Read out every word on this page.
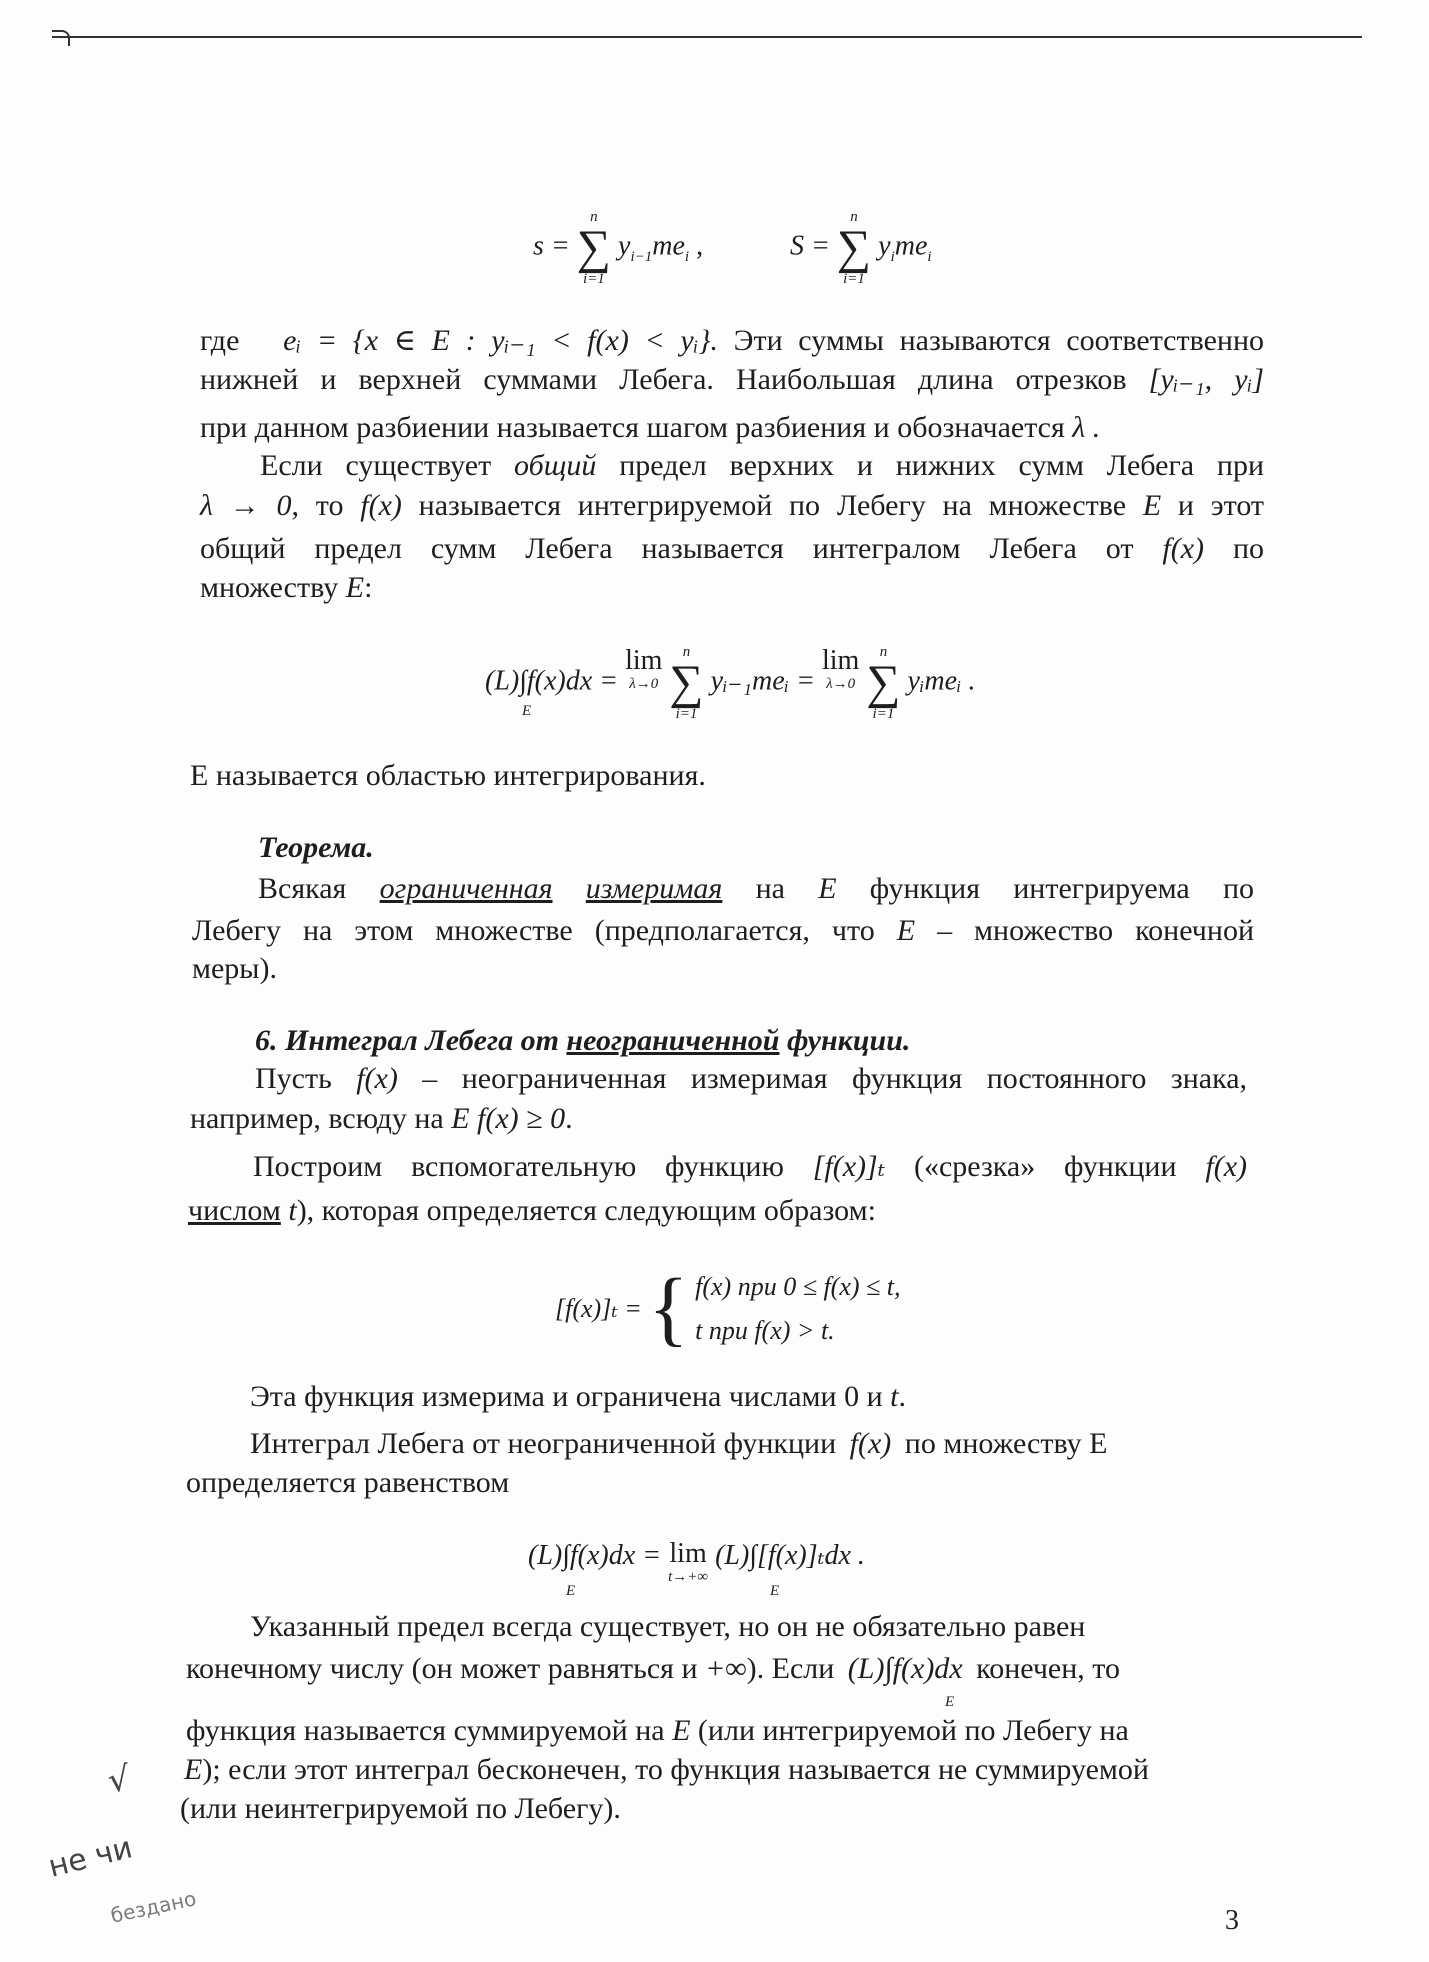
s =
n
∑
i=1
$y_{i-1}me_i$ ,	S =
n
∑
i=1
$y_ime_i$

где eᵢ = {x ∈ E : yᵢ₋₁ < f(x) < yᵢ}. Эти суммы называются соответственно

нижней и верхней суммами Лебега. Наибольшая длина отрезков [yᵢ₋₁, yᵢ]

при данном разбиении называется шагом разбиения и обозначается λ .

Если существует общий предел верхних и нижних сумм Лебега при

λ → 0, то f(x) называется интегрируемой по Лебегу на множестве E и этот

общий предел сумм Лебега называется интегралом Лебега от f(x) по

множеству E:

(L)∫f(x)dx =
lim
λ→0

n
∑
i=1
yᵢ₋₁meᵢ =
lim
λ→0

n
∑
i=1
yᵢmeᵢ .
E

Е называется областью интегрирования.

Теорема.

Всякая ограниченная измеримая на E функция интегрируема по

Лебегу на этом множестве (предполагается, что E – множество конечной

меры).

6. Интеграл Лебега от неограниченной функции.

Пусть f(x) – неограниченная измеримая функция постоянного знака,

например, всюду на E f(x) ≥ 0.

Построим вспомогательную функцию [f(x)]ₜ («срезка» функции f(x)

числом t), которая определяется следующим образом:

[f(x)]ₜ = { f(x) при 0 ≤ f(x) ≤ t,
t при f(x) > t.

Эта функция измерима и ограничена числами 0 и t.

Интеграл Лебега от неограниченной функции f(x) по множеству Е

определяется равенством

(L)∫f(x)dx = lim
t→+∞
(L)∫[f(x)]ₜdx .
E	E

Указанный предел всегда существует, но он не обязательно равен

конечному числу (он может равняться и +∞). Если (L)∫f(x)dx конечен, то

E

функция называется суммируемой на E (или интегрируемой по Лебегу на

E); если этот интеграл бесконечен, то функция называется не суммируемой

(или неинтегрируемой по Лебегу).

√
не чи
бездано	3
